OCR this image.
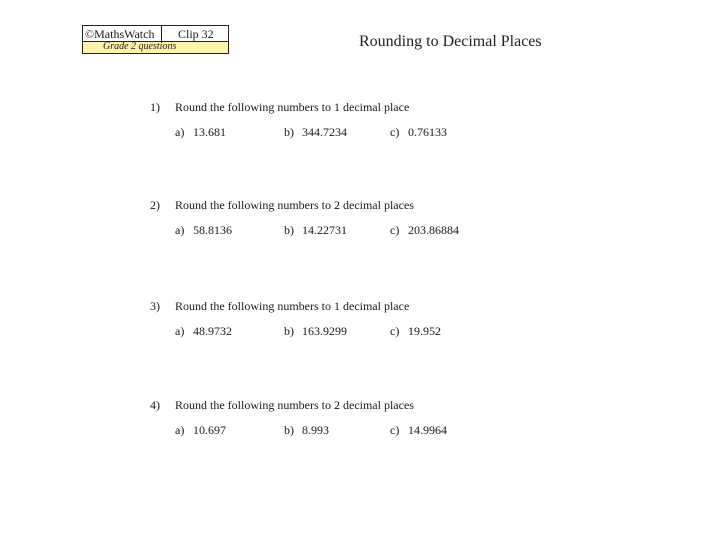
©MathsWatch Clip 32
Grade 2 questions	Rounding to Decimal Places
1) Round the following numbers to 1 decimal place
a) 13.681	b) 344.7234	c) 0.76133
2) Round the following numbers to 2 decimal places
a) 58.8136	b) 14.22731	c) 203.86884
3) Round the following numbers to 1 decimal place
a) 48.9732	b) 163.9299	c) 19.952
4) Round the following numbers to 2 decimal places
a) 10.697	b) 8.993	c) 14.9964
